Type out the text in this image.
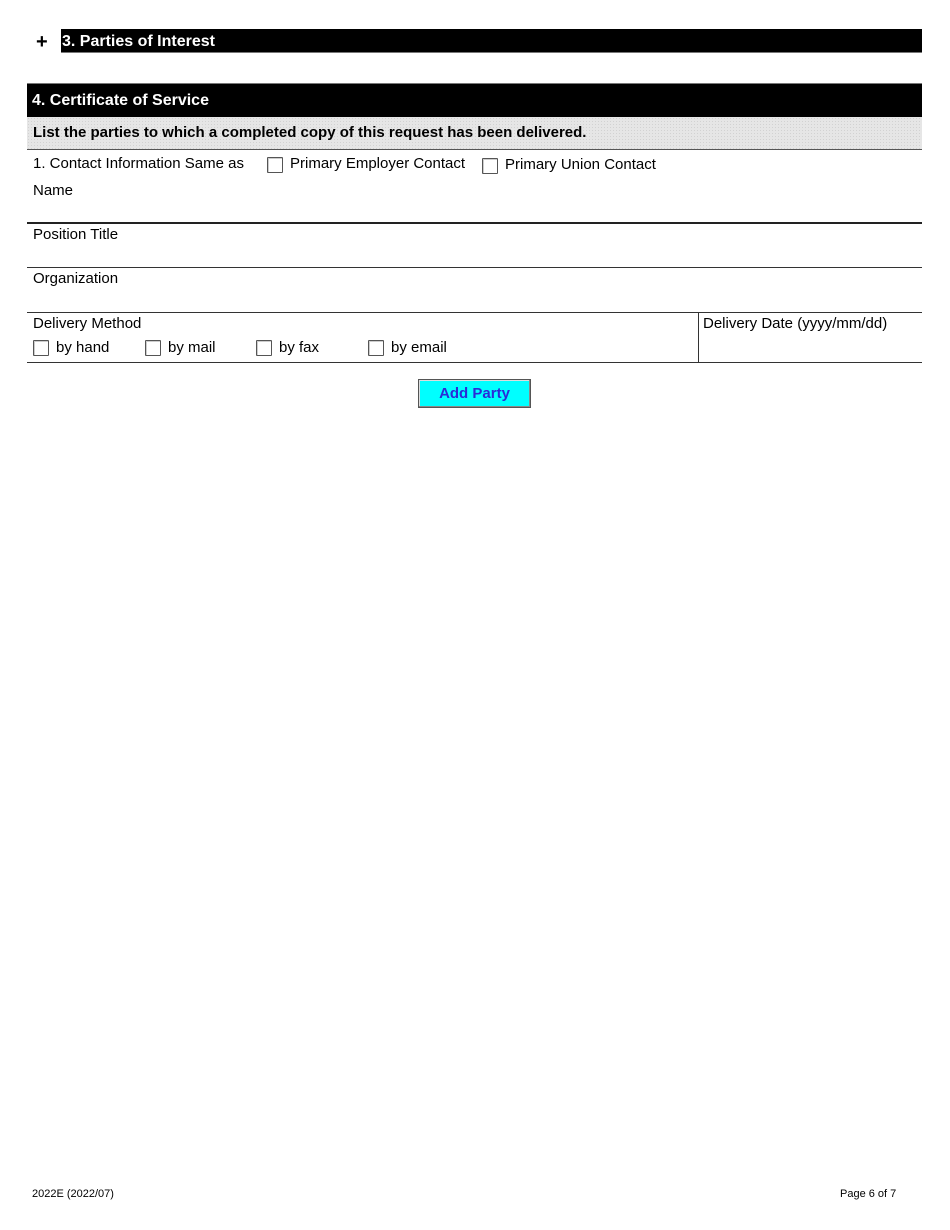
+ 3. Parties of Interest
4. Certificate of Service
List the parties to which a completed copy of this request has been delivered.
1. Contact Information Same as	Primary Employer Contact	Primary Union Contact
Name
Position Title
Organization
Delivery Method
by hand	by mail	by fax	by email
Delivery Date (yyyy/mm/dd)
Add Party
2022E (2022/07)	Page 6 of 7
